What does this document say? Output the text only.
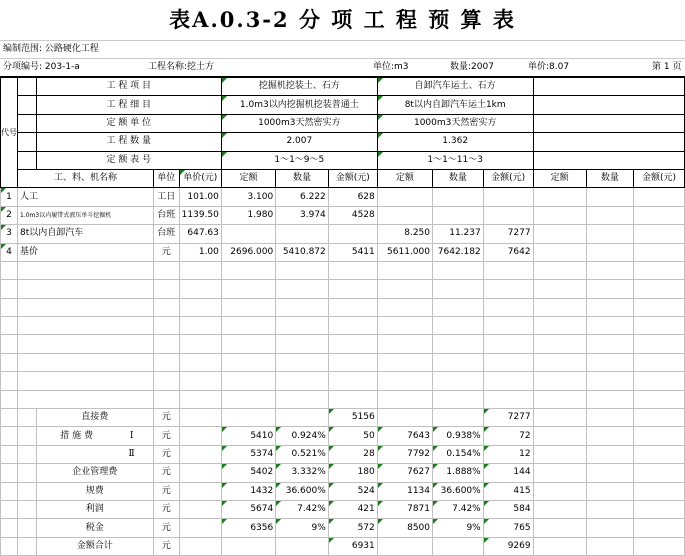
表A.0.3-2 分 项 工 程 预 算 表
编制范围: 公路硬化工程
分项编号: 203-1-a	工程名称:挖土方	单位:m3	数量:2007	单价:8.07	第 1 页
代号		工 程 项 目			挖掘机挖装土、石方			自卸汽车运土、石方					
		工 程 细 目			1.0m3以内挖掘机挖装普通土			8t以内自卸汽车运土1km					
		定 额 单 位			1000m3天然密实方			1000m3天然密实方					
		工 程 数 量			2.007			1.362					
		定 额 表 号			1～1～9～5			1～1～11～3					
	工、料、机名称		单位	单价(元)	定额	数量	金额(元)	定额	数量	金额(元)	定额	数量	金额(元)
1	人工		工日	101.00	3.100	6.222	628						
2	1.0m3以内履带式液压单斗挖掘机		台班	1139.50	1.980	3.974	4528						
3	8t以内自卸汽车		台班	647.63				8.250	11.237	7277			
4	基价		元	1.00	2696.000	5410.872	5411	5611.000	7642.182	7642			

		直接费	元				5156			7277			
		措 施 费 Ⅰ	元		5410	0.924%	50	7643	0.938%	72			
		Ⅱ	元		5374	0.521%	28	7792	0.154%	12			
		企业管理费	元		5402	3.332%	180	7627	1.888%	144			
		规费	元		1432	36.600%	524	1134	36.600%	415			
		利润	元		5674	7.42%	421	7871	7.42%	584			
		税金	元		6356	9%	572	8500	9%	765			
		金额合计	元				6931			9269			
